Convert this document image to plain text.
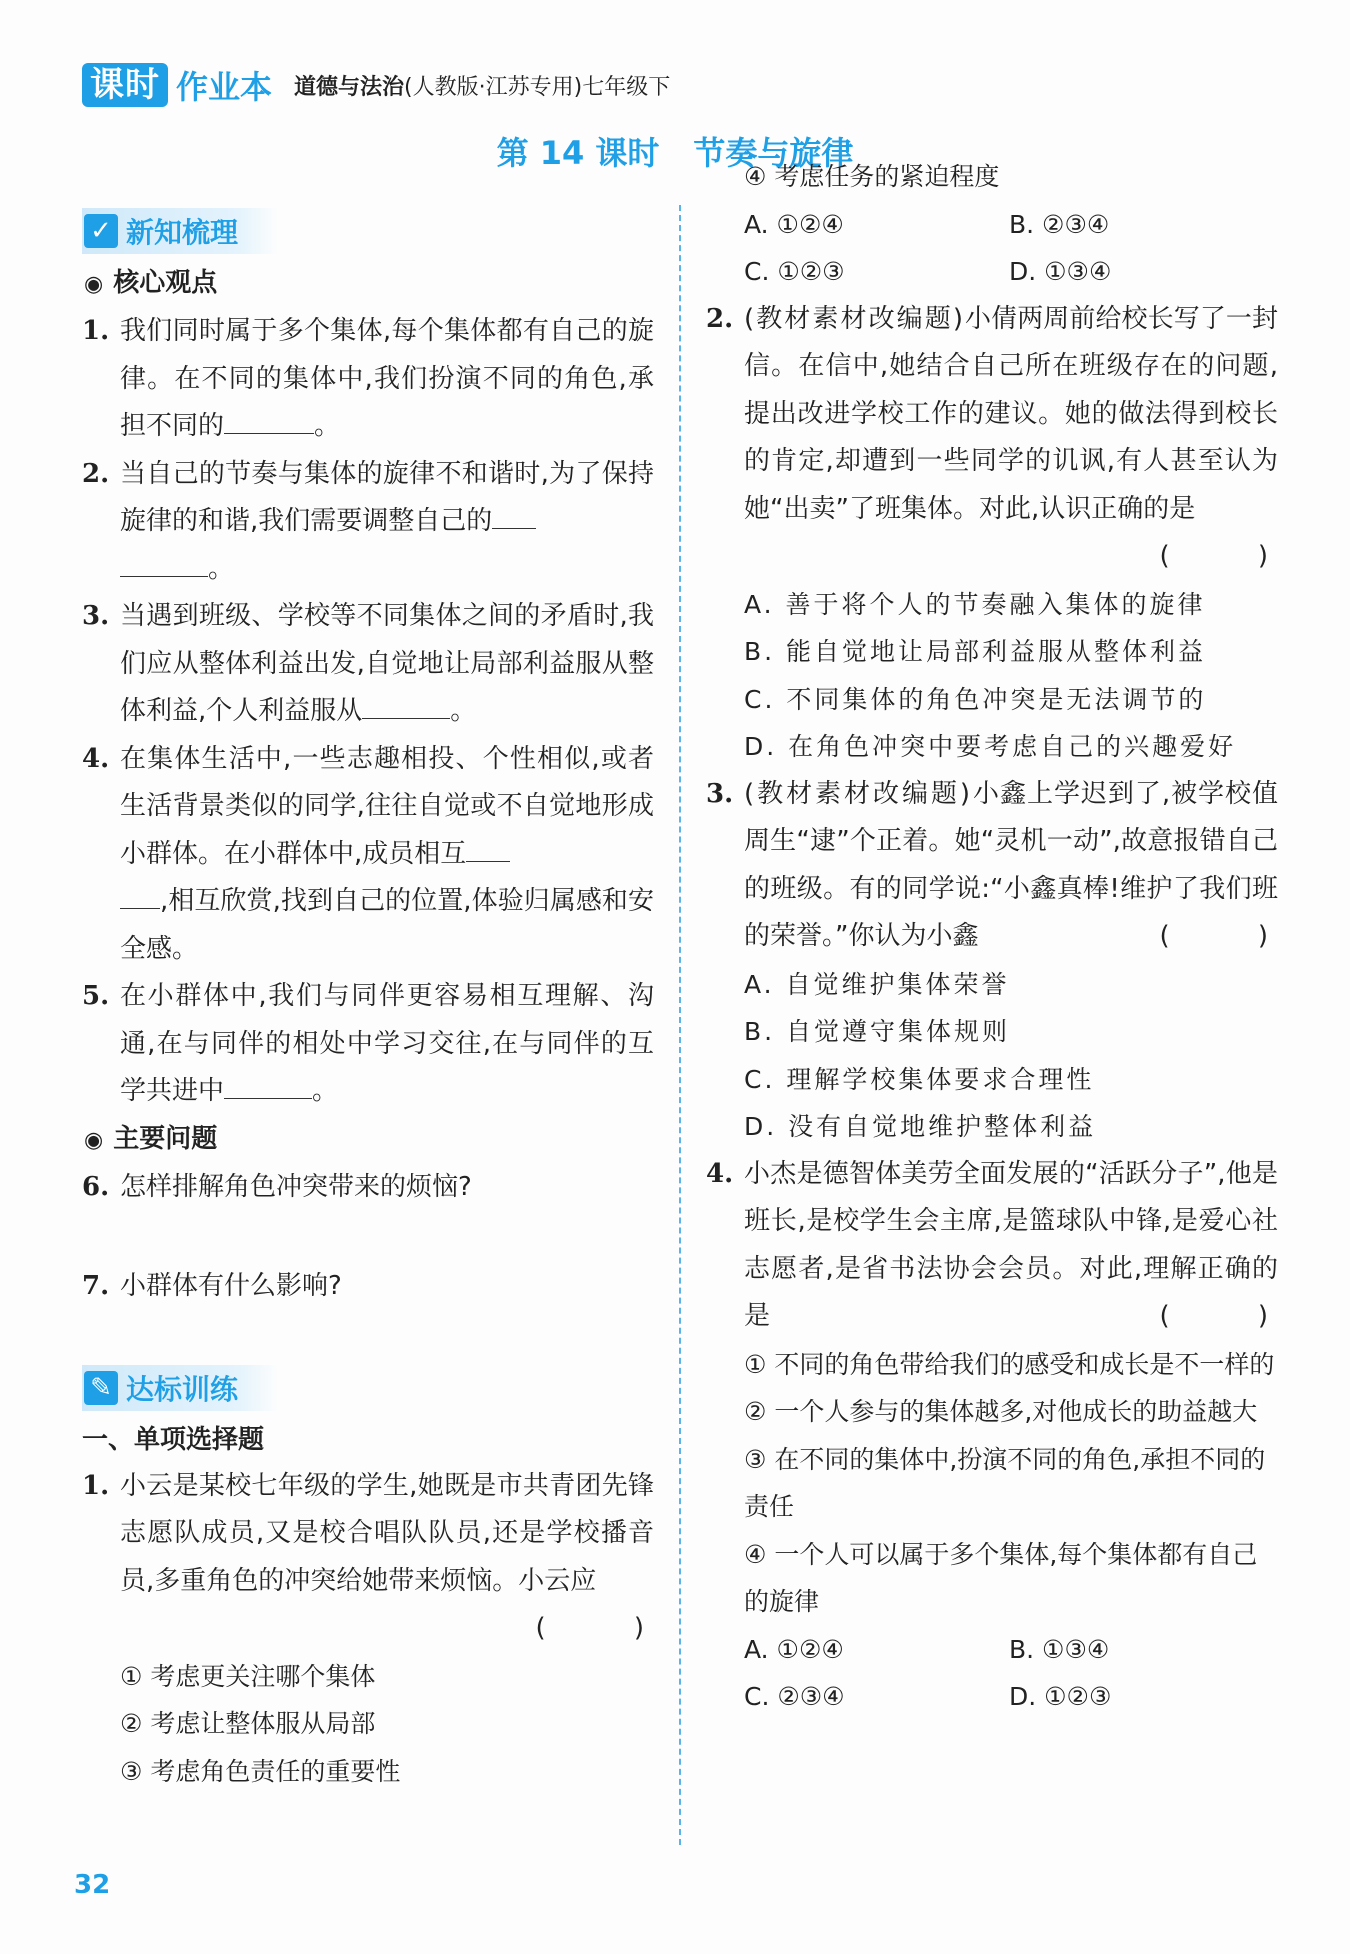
课时 作业本 道德与法治(人教版·江苏专用)七年级下
第 14 课时 节奏与旋律
✓ 新知梳理
◉ 核心观点
1. 我们同时属于多个集体,每个集体都有自己的旋律。在不同的集体中,我们扮演不同的角色,承担不同的	。
2. 当自己的节奏与集体的旋律不和谐时,为了保持旋律的和谐,我们需要调整自己的
。
3. 当遇到班级、学校等不同集体之间的矛盾时,我们应从整体利益出发,自觉地让局部利益服从整体利益,个人利益服从	。
4. 在集体生活中,一些志趣相投、个性相似,或者生活背景类似的同学,往往自觉或不自觉地形成小群体。在小群体中,成员相互
,相互欣赏,找到自己的位置,体验归属感和安全感。
5. 在小群体中,我们与同伴更容易相互理解、沟通,在与同伴的相处中学习交往,在与同伴的互学共进中	。
◉ 主要问题
6. 怎样排解角色冲突带来的烦恼?
7. 小群体有什么影响?
✎ 达标训练
一、单项选择题
1. 小云是某校七年级的学生,她既是市共青团先锋志愿队成员,又是校合唱队队员,还是学校播音员,多重角色的冲突给她带来烦恼。小云应
( )
① 考虑更关注哪个集体
② 考虑让整体服从局部
③ 考虑角色责任的重要性
④ 考虑任务的紧迫程度
A. ①②④	B. ②③④
C. ①②③	D. ①③④
2. (教材素材改编题)小倩两周前给校长写了一封信。在信中,她结合自己所在班级存在的问题,提出改进学校工作的建议。她的做法得到校长的肯定,却遭到一些同学的讥讽,有人甚至认为她“出卖”了班集体。对此,认识正确的是
( )
A. 善于将个人的节奏融入集体的旋律
B. 能自觉地让局部利益服从整体利益
C. 不同集体的角色冲突是无法调节的
D. 在角色冲突中要考虑自己的兴趣爱好
3. (教材素材改编题)小鑫上学迟到了,被学校值周生“逮”个正着。她“灵机一动”,故意报错自己的班级。有的同学说:“小鑫真棒!维护了我们班的荣誉。”你认为小鑫	( )
A. 自觉维护集体荣誉
B. 自觉遵守集体规则
C. 理解学校集体要求合理性
D. 没有自觉地维护整体利益
4. 小杰是德智体美劳全面发展的“活跃分子”,他是班长,是校学生会主席,是篮球队中锋,是爱心社志愿者,是省书法协会会员。对此,理解正确的是	( )
① 不同的角色带给我们的感受和成长是不一样的
② 一个人参与的集体越多,对他成长的助益越大
③ 在不同的集体中,扮演不同的角色,承担不同的责任
④ 一个人可以属于多个集体,每个集体都有自己的旋律
A. ①②④	B. ①③④
C. ②③④	D. ①②③
32
